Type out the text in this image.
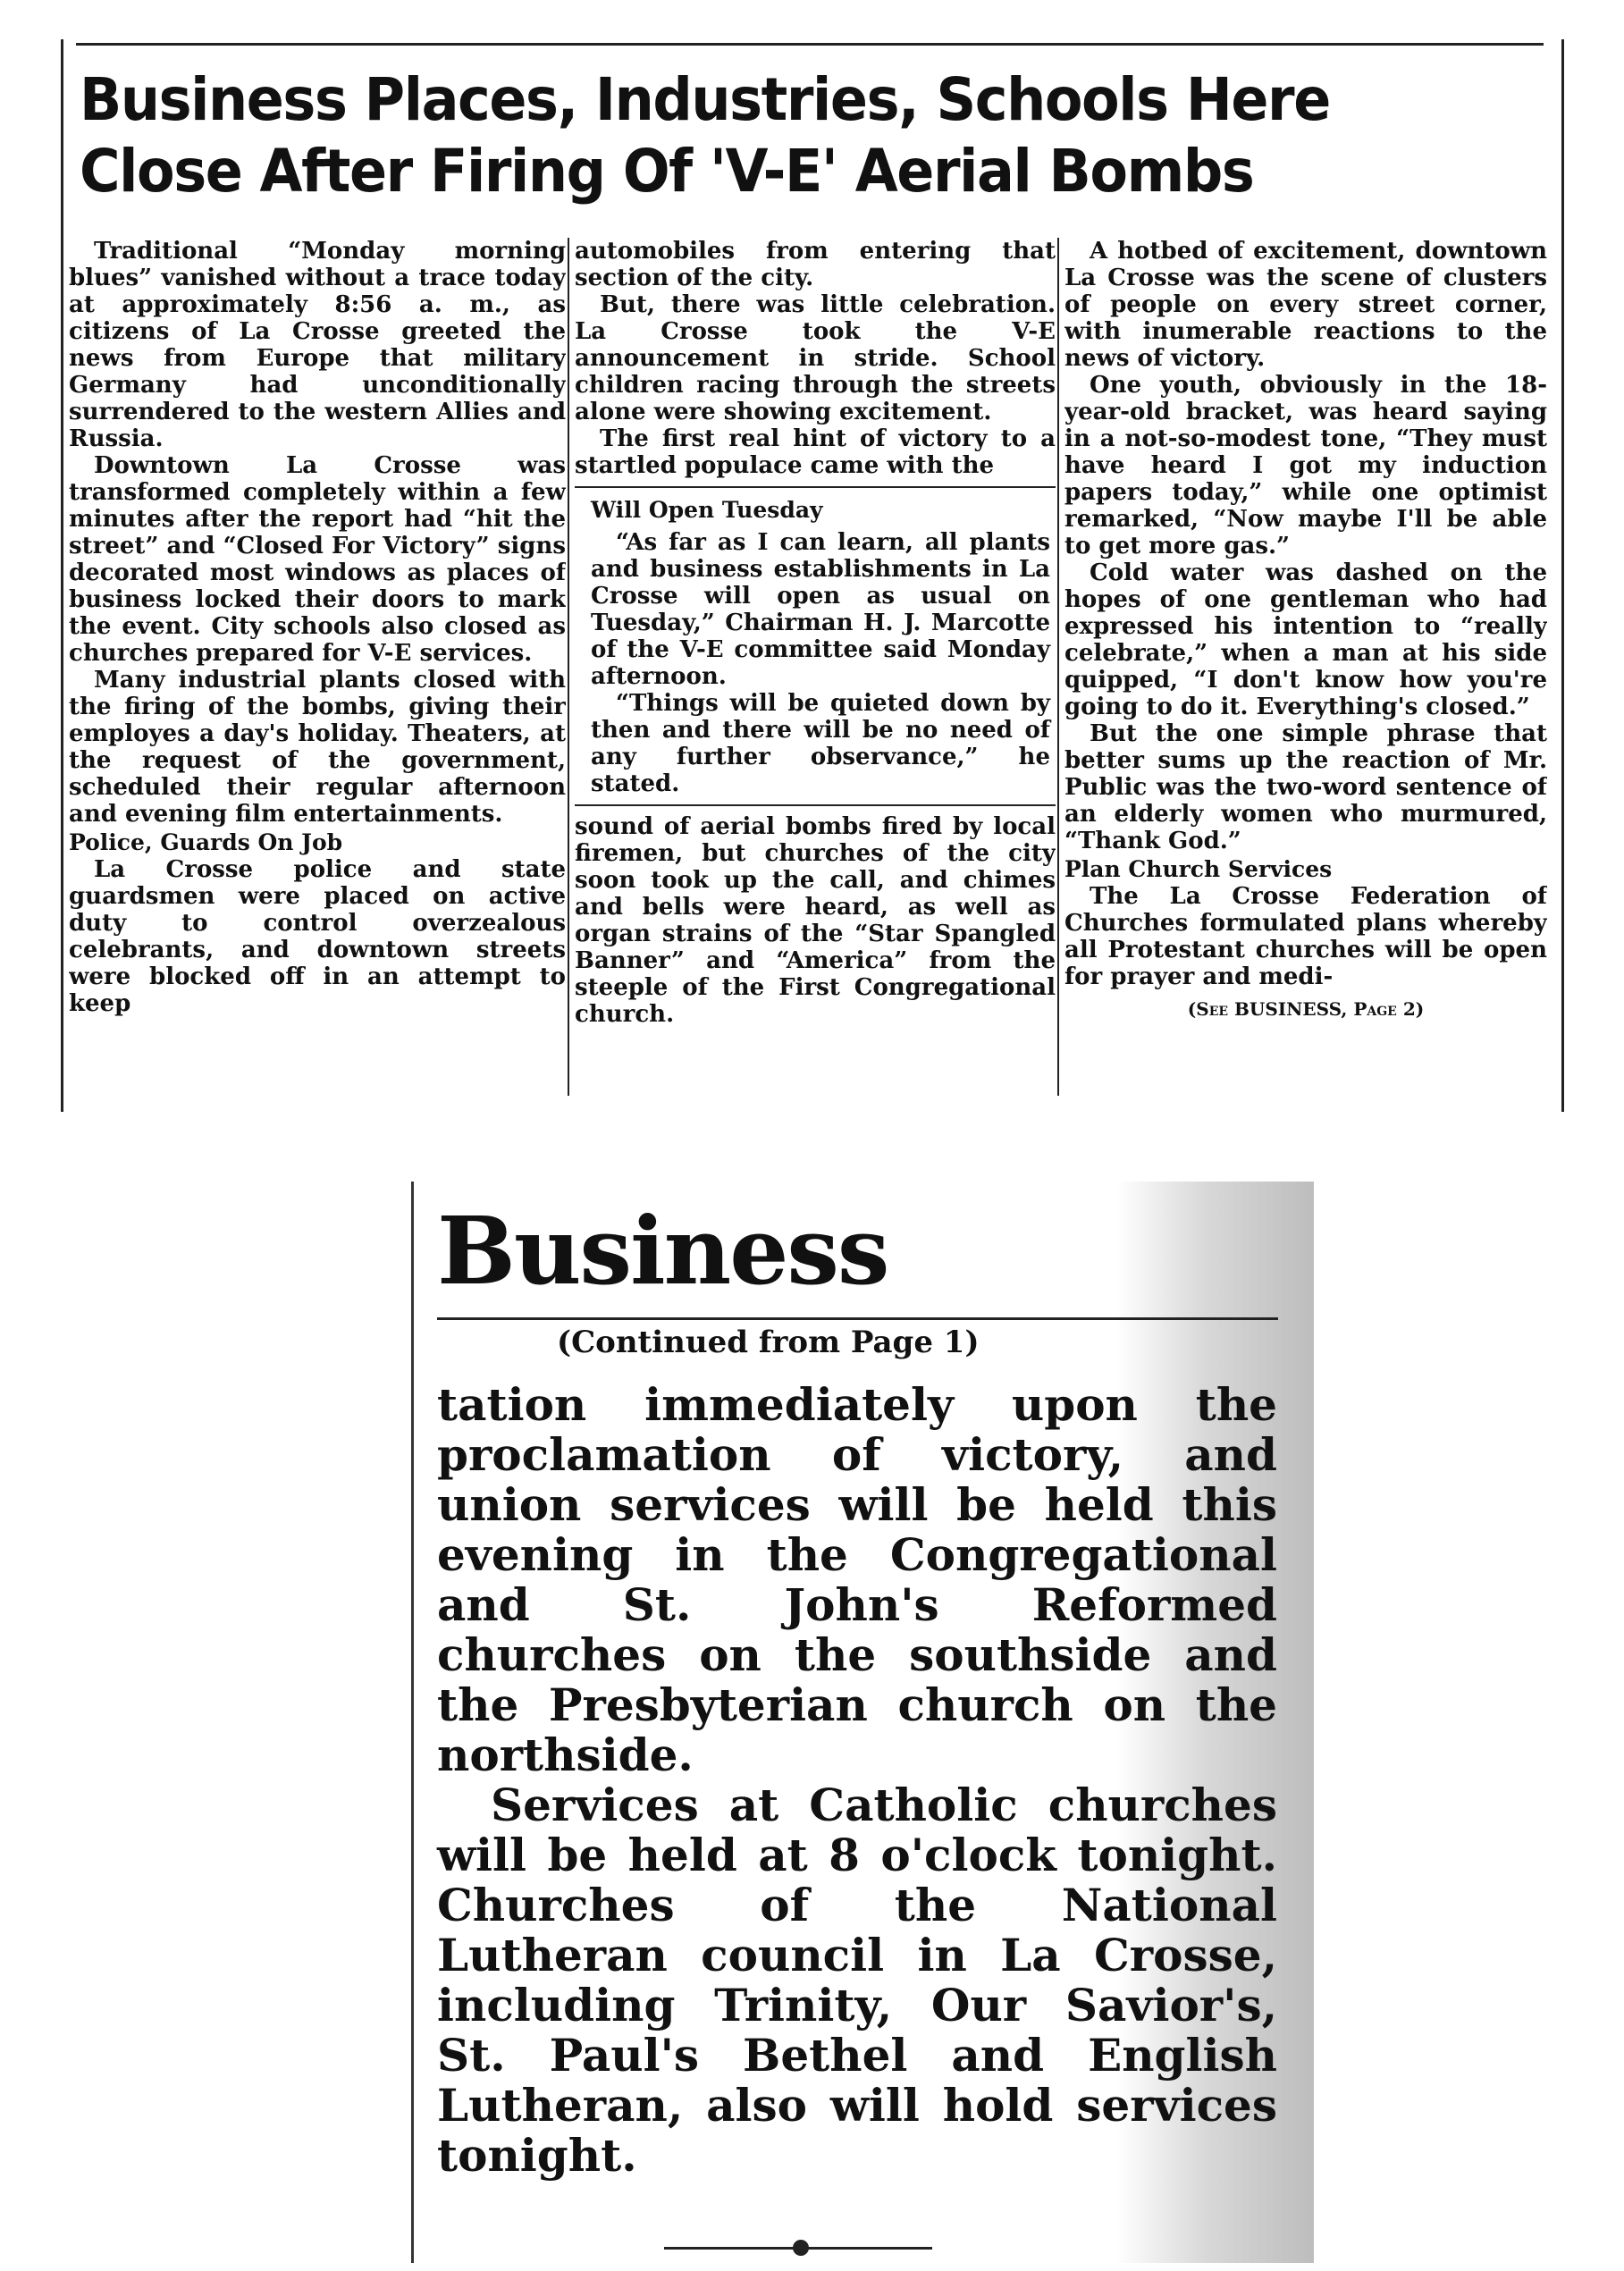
Business Places, Industries, Schools Here
Close After Firing Of 'V-E' Aerial Bombs

Traditional “Monday morning blues” vanished without a trace today at approximately 8:56 a. m., as citizens of La Crosse greeted the news from Europe that military Germany had unconditionally surrendered to the western Allies and Russia.

Downtown La Crosse was transformed completely within a few minutes after the report had “hit the street” and “Closed For Victory” signs decorated most windows as places of business locked their doors to mark the event. City schools also closed as churches prepared for V-E services.

Many industrial plants closed with the firing of the bombs, giving their employes a day's holiday. Theaters, at the request of the government, scheduled their regular afternoon and evening film entertainments.

Police, Guards On Job

La Crosse police and state guardsmen were placed on active duty to control overzealous celebrants, and downtown streets were blocked off in an attempt to keep

automobiles from entering that section of the city.

But, there was little celebration. La Crosse took the V-E announcement in stride. School children racing through the streets alone were showing excitement.

The first real hint of victory to a startled populace came with the

Will Open Tuesday

“As far as I can learn, all plants and business establishments in La Crosse will open as usual on Tuesday,” Chairman H. J. Marcotte of the V-E committee said Monday afternoon.

“Things will be quieted down by then and there will be no need of any further observance,” he stated.

sound of aerial bombs fired by local firemen, but churches of the city soon took up the call, and chimes and bells were heard, as well as organ strains of the “Star Spangled Banner” and “America” from the steeple of the First Congregational church.

A hotbed of excitement, downtown La Crosse was the scene of clusters of people on every street corner, with inumerable reactions to the news of victory.

One youth, obviously in the 18-year-old bracket, was heard saying in a not-so-modest tone, “They must have heard I got my induction papers today,” while one optimist remarked, “Now maybe I'll be able to get more gas.”

Cold water was dashed on the hopes of one gentleman who had expressed his intention to “really celebrate,” when a man at his side quipped, “I don't know how you're going to do it. Everything's closed.”

But the one simple phrase that better sums up the reaction of Mr. Public was the two-word sentence of an elderly women who murmured, “Thank God.”

Plan Church Services

The La Crosse Federation of Churches formulated plans whereby all Protestant churches will be open for prayer and medi-

(See BUSINESS, Page 2)
Business
(Continued from Page 1)

tation immediately upon the proclamation of victory, and union services will be held this evening in the Congregational and St. John's Reformed churches on the southside and the Presbyterian church on the northside.

Services at Catholic churches will be held at 8 o'clock tonight. Churches of the National Lutheran council in La Crosse, including Trinity, Our Savior's, St. Paul's Bethel and English Lutheran, also will hold services tonight.
